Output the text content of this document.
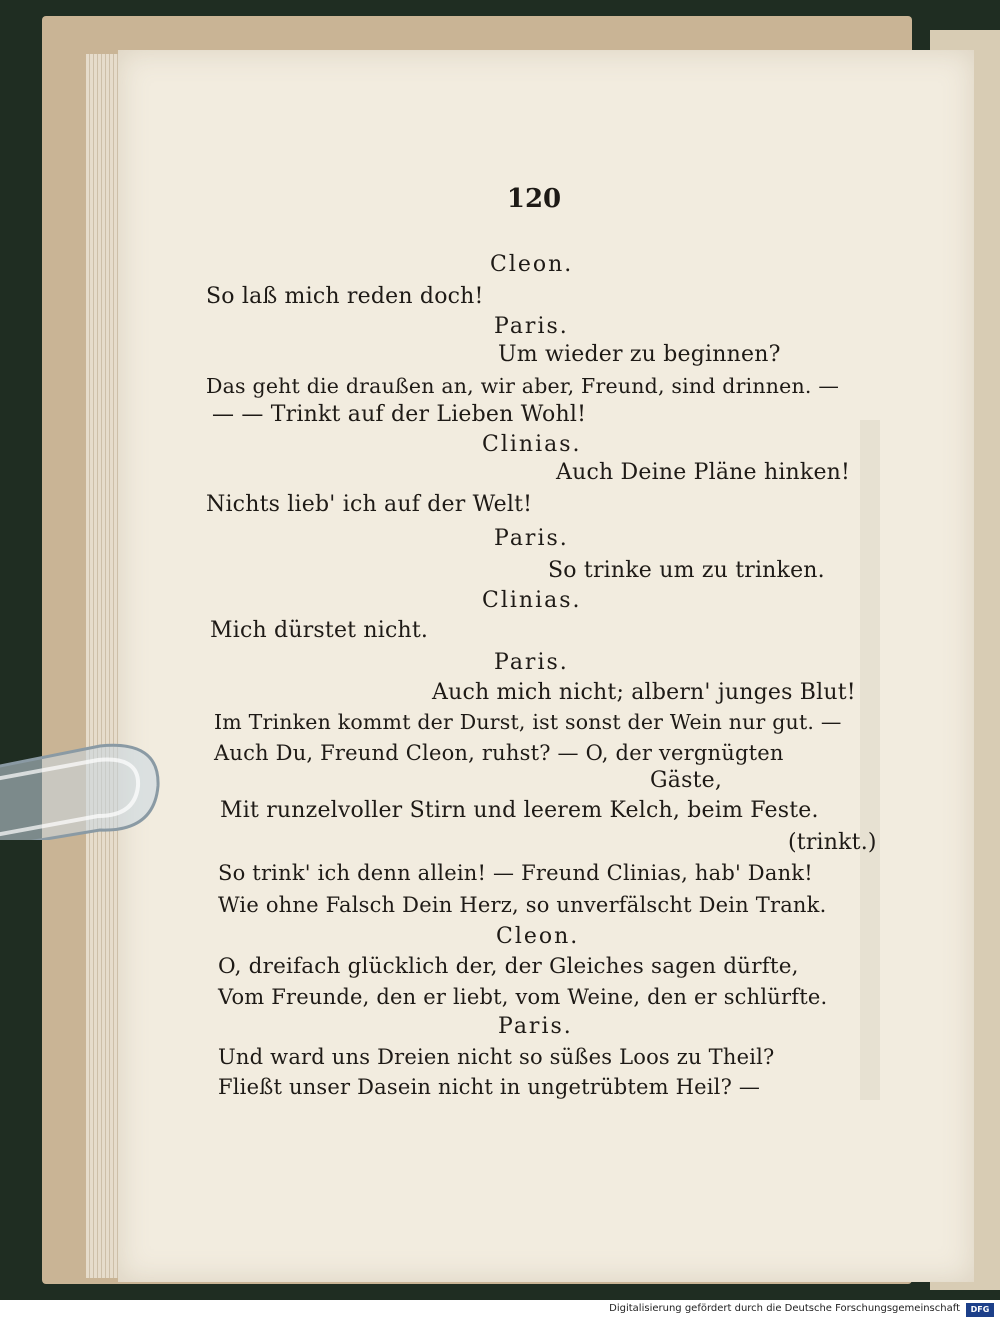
120
Cleon.
So laß mich reden doch!
Paris.
Um wieder zu beginnen?
Das geht die draußen an, wir aber, Freund, sind drinnen. —
— — Trinkt auf der Lieben Wohl!
Clinias.
Auch Deine Pläne hinken!
Nichts lieb' ich auf der Welt!
Paris.
So trinke um zu trinken.
Clinias.
Mich dürstet nicht.
Paris.
Auch mich nicht; albern' junges Blut!
Im Trinken kommt der Durst, ist sonst der Wein nur gut. —
Auch Du, Freund Cleon, ruhst? — O, der vergnügten
Gäste,
Mit runzelvoller Stirn und leerem Kelch, beim Feste.
(trinkt.)
So trink' ich denn allein! — Freund Clinias, hab' Dank!
Wie ohne Falsch Dein Herz, so unverfälscht Dein Trank.
Cleon.
O, dreifach glücklich der, der Gleiches sagen dürfte,
Vom Freunde, den er liebt, vom Weine, den er schlürfte.
Paris.
Und ward uns Dreien nicht so süßes Loos zu Theil?
Fließt unser Dasein nicht in ungetrübtem Heil? —
Digitalisierung gefördert durch die Deutsche Forschungsgemeinschaft	DFG
